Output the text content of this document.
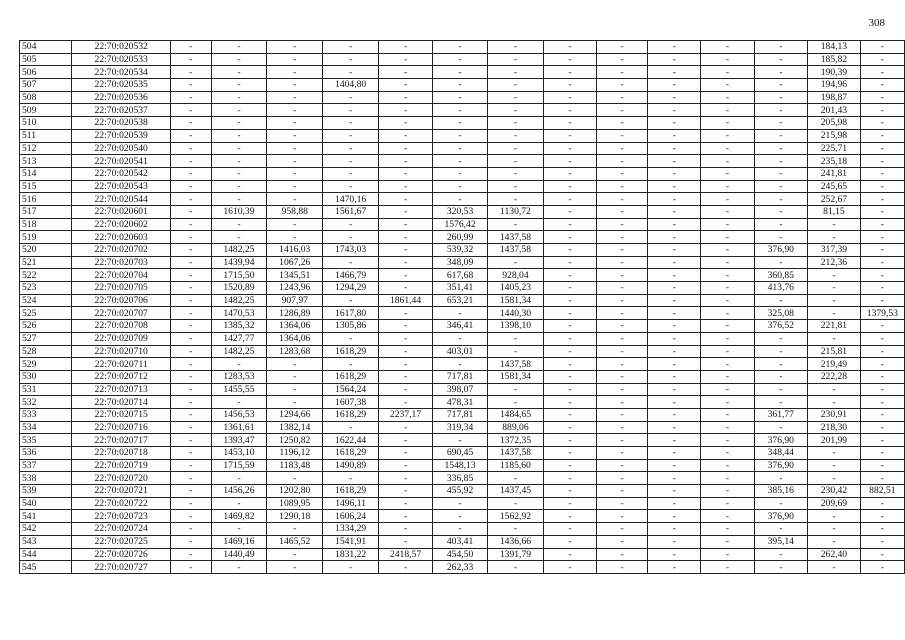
308
504	22:70:020532	-	-	-	-	-	-	-	-	-	-	-	-	184,13	-
505	22:70:020533	-	-	-	-	-	-	-	-	-	-	-	-	185,82	-
506	22:70:020534	-	-	-	-	-	-	-	-	-	-	-	-	190,39	-
507	22:70:020535	-	-	-	1404,80	-	-	-	-	-	-	-	-	194,96	-
508	22:70:020536	-	-	-	-	-	-	-	-	-	-	-	-	198,87	-
509	22:70:020537	-	-	-	-	-	-	-	-	-	-	-	-	201,43	-
510	22:70:020538	-	-	-	-	-	-	-	-	-	-	-	-	205,98	-
511	22:70:020539	-	-	-	-	-	-	-	-	-	-	-	-	215,98	-
512	22:70:020540	-	-	-	-	-	-	-	-	-	-	-	-	225,71	-
513	22:70:020541	-	-	-	-	-	-	-	-	-	-	-	-	235,18	-
514	22:70:020542	-	-	-	-	-	-	-	-	-	-	-	-	241,81	-
515	22:70:020543	-	-	-	-	-	-	-	-	-	-	-	-	245,65	-
516	22:70:020544	-	-	-	1470,16	-	-	-	-	-	-	-	-	252,67	-
517	22:70:020601	-	1610,39	958,88	1561,67	-	320,53	1130,72	-	-	-	-	-	81,15	-
518	22:70:020602	-	-	-	-	-	1576,42	-	-	-	-	-	-	-	-
519	22:70:020603	-	-	-	-	-	260,99	1437,58	-	-	-	-	-	-	-
520	22:70:020702	-	1482,25	1416,03	1743,03	-	539,32	1437,58	-	-	-	-	376,90	317,39	-
521	22:70:020703	-	1439,94	1067,26	-	-	348,09	-	-	-	-	-	-	212,36	-
522	22:70:020704	-	1715,50	1345,51	1466,79	-	617,68	928,04	-	-	-	-	360,85	-	-
523	22:70:020705	-	1520,89	1243,96	1294,29	-	351,41	1405,23	-	-	-	-	413,76	-	-
524	22:70:020706	-	1482,25	907,97	-	1861,44	653,21	1581,34	-	-	-	-	-	-	-
525	22:70:020707	-	1470,53	1286,89	1617,80	-	-	1440,30	-	-	-	-	325,08	-	1379,53
526	22:70:020708	-	1385,32	1364,06	1305,86	-	346,41	1398,10	-	-	-	-	376,52	221,81	-
527	22:70:020709	-	1427,77	1364,06	-	-	-	-	-	-	-	-	-	-	-
528	22:70:020710	-	1482,25	1283,68	1618,29	-	403,01	-	-	-	-	-	-	215,81	-
529	22:70:020711	-	-	-	-	-	-	1437,58	-	-	-	-	-	219,49	-
530	22:70:020712	-	1283,53	-	1618,29	-	717,81	1581,34	-	-	-	-	-	222,28	-
531	22:70:020713	-	1455,55	-	1564,24	-	398,07	-	-	-	-	-	-	-	-
532	22:70:020714	-	-	-	1607,38	-	478,31	-	-	-	-	-	-	-	-
533	22:70:020715	-	1456,53	1294,66	1618,29	2237,17	717,81	1484,65	-	-	-	-	361,77	230,91	-
534	22:70:020716	-	1361,61	1382,14	-	-	319,34	889,06	-	-	-	-	-	218,30	-
535	22:70:020717	-	1393,47	1250,82	1622,44	-	-	1372,35	-	-	-	-	376,90	201,99	-
536	22:70:020718	-	1453,10	1196,12	1618,29	-	690,45	1437,58	-	-	-	-	348,44	-	-
537	22:70:020719	-	1715,59	1183,48	1490,89	-	1548,13	1185,60	-	-	-	-	376,90	-	-
538	22:70:020720	-	-	-	-	-	336,85	-	-	-	-	-	-	-	-
539	22:70:020721	-	1456,26	1202,80	1618,29	-	455,92	1437,45	-	-	-	-	385,16	230,42	882,51
540	22:70:020722	-	-	1089,95	1496,11	-	-	-	-	-	-	-	-	209,69	-
541	22:70:020723	-	1469,82	1290,18	1606,24	-	-	1562,92	-	-	-	-	376,90	-	-
542	22:70:020724	-	-	-	1334,29	-	-	-	-	-	-	-	-	-	-
543	22:70:020725	-	1469,16	1465,52	1541,91	-	403,41	1436,66	-	-	-	-	395,14	-	-
544	22:70:020726	-	1440,49	-	1831,22	2418,57	454,50	1391,79	-	-	-	-	-	262,40	-
545	22:70:020727	-	-	-	-	-	262,33	-	-	-	-	-	-	-	-
